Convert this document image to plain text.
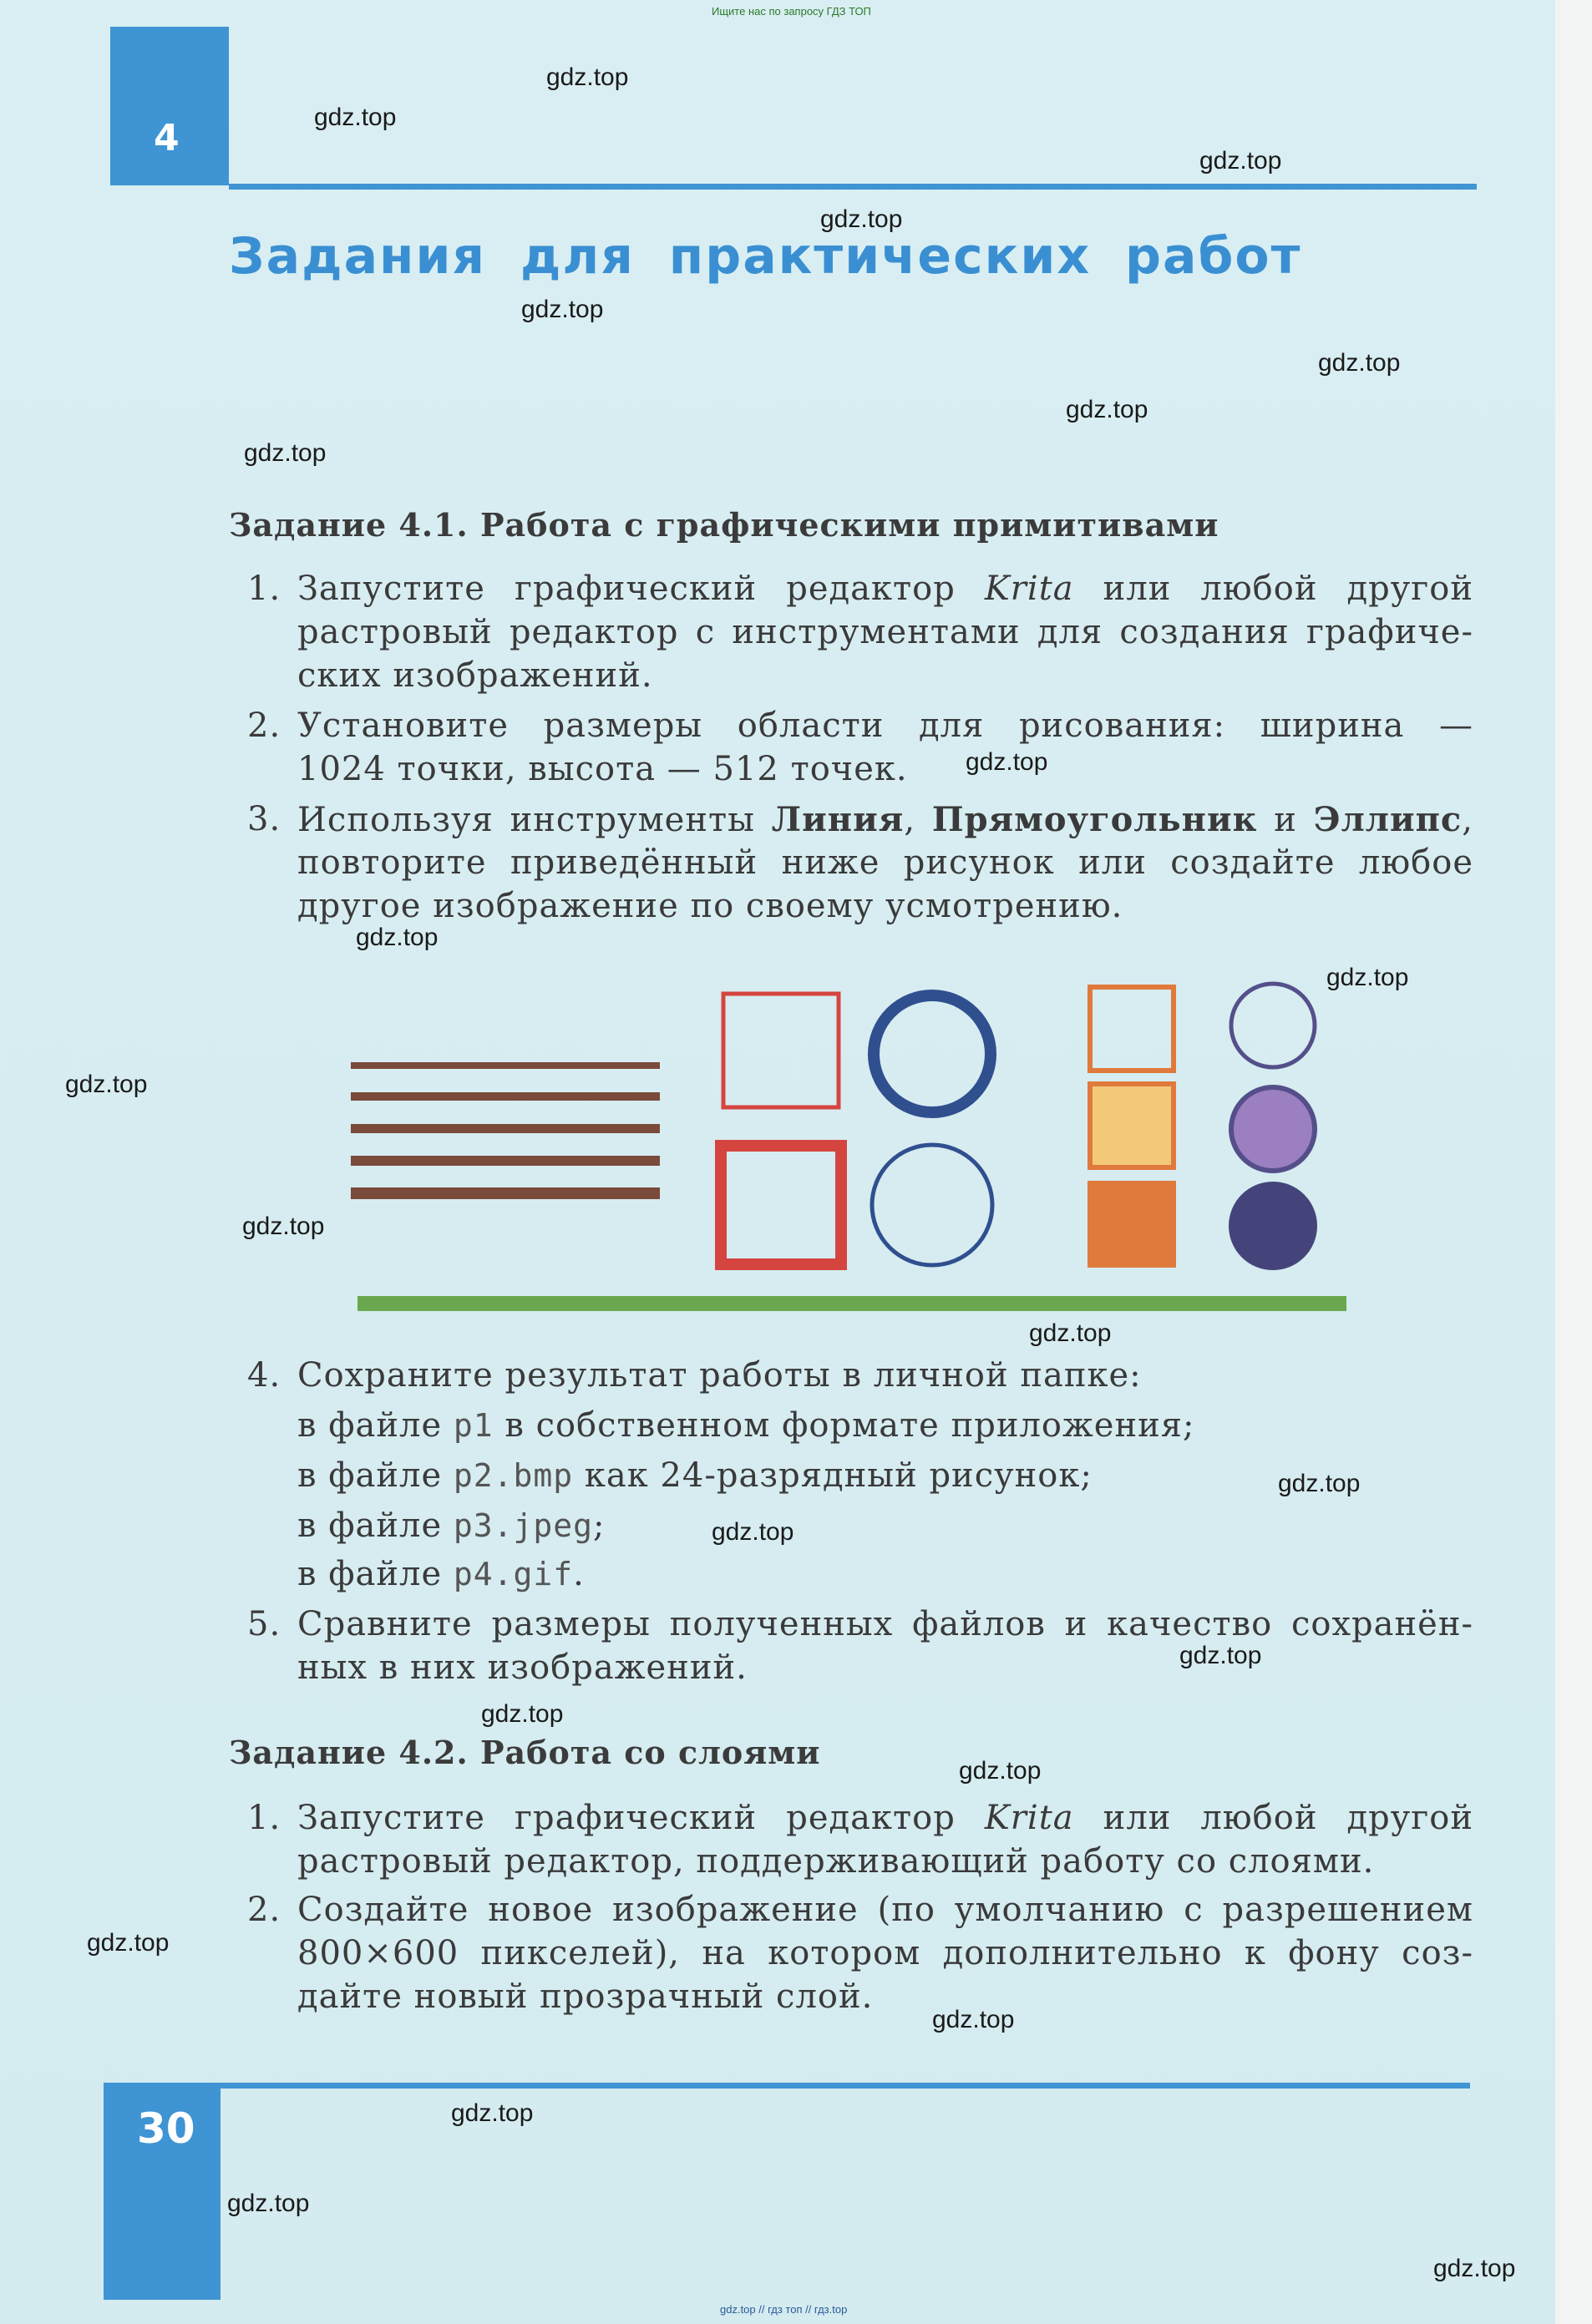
Ищите нас по запросу ГДЗ ТОП
4
Задания для практических работ
Задание 4.1. Работа с графическими примитивами
1. Запустите графический редактор Krita или любой другой
растровый редактор с инструментами для создания графиче-
ских изображений.
2. Установите размеры области для рисования: ширина —
1024 точки, высота — 512 точек.
3. Используя инструменты Линия, Прямоугольник и Эллипс,
повторите приведённый ниже рисунок или создайте любое
другое изображение по своему усмотрению.
4. Сохраните результат работы в личной папке:
в файле p1 в собственном формате приложения;
в файле p2.bmp как 24-разрядный рисунок;
в файле p3.jpeg;
в файле p4.gif.
5. Сравните размеры полученных файлов и качество сохранён-
ных в них изображений.
Задание 4.2. Работа со слоями
1. Запустите графический редактор Krita или любой другой
растровый редактор, поддерживающий работу со слоями.
2. Создайте новое изображение (по умолчанию с разрешением
800×600 пикселей), на котором дополнительно к фону соз-
дайте новый прозрачный слой.
30
gdz.top // гдз топ // гдз.top
gdz.top
gdz.top
gdz.top
gdz.top
gdz.top
gdz.top
gdz.top
gdz.top
gdz.top
gdz.top
gdz.top
gdz.top
gdz.top
gdz.top
gdz.top
gdz.top
gdz.top
gdz.top
gdz.top
gdz.top
gdz.top
gdz.top
gdz.top
gdz.top
